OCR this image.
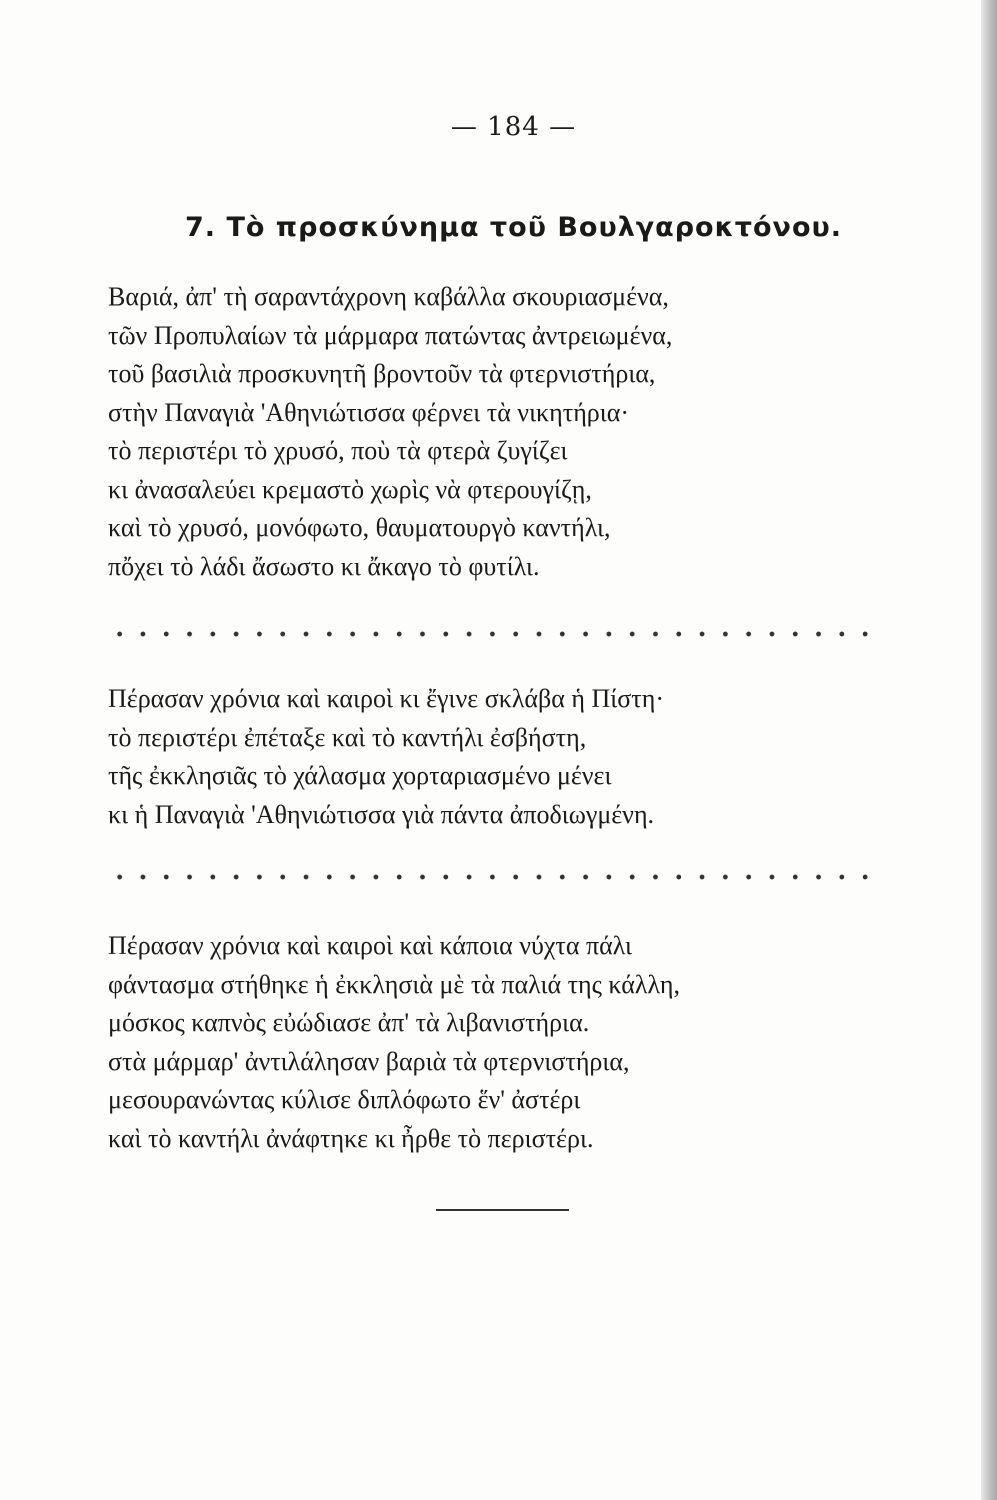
— 184 —
7. Τὸ προσκύνημα τοῦ Βουλγαροκτόνου.
Βαριά, ἀπ' τὴ σαραντάχρονη καβάλλα σκουριασμένα,
τῶν Προπυλαίων τὰ μάρμαρα πατώντας ἀντρειωμένα,
τοῦ βασιλιὰ προσκυνητῆ βροντοῦν τὰ φτερνιστήρια,
στὴν Παναγιὰ 'Αθηνιώτισσα φέρνει τὰ νικητήρια·
τὸ περιστέρι τὸ χρυσό, ποὺ τὰ φτερὰ ζυγίζει
κι ἀνασαλεύει κρεμαστὸ χωρὶς νὰ φτερουγίζῃ,
καὶ τὸ χρυσό, μονόφωτο, θαυματουργὸ καντήλι,
πὄχει τὸ λάδι ἄσωστο κι ἄκαγο τὸ φυτίλι.
Πέρασαν χρόνια καὶ καιροὶ κι ἔγινε σκλάβα ἡ Πίστη·
τὸ περιστέρι ἐπέταξε καὶ τὸ καντήλι ἐσβήστη,
τῆς ἐκκλησιᾶς τὸ χάλασμα χορταριασμένο μένει
κι ἡ Παναγιὰ 'Αθηνιώτισσα γιὰ πάντα ἀποδιωγμένη.
Πέρασαν χρόνια καὶ καιροὶ καὶ κάποια νύχτα πάλι
φάντασμα στήθηκε ἡ ἐκκλησιὰ μὲ τὰ παλιά της κάλλη,
μόσκος καπνὸς εὐώδιασε ἀπ' τὰ λιβανιστήρια.
στὰ μάρμαρ' ἀντιλάλησαν βαριὰ τὰ φτερνιστήρια,
μεσουρανώντας κύλισε διπλόφωτο ἕν' ἀστέρι
καὶ τὸ καντήλι ἀνάφτηκε κι ἦρθε τὸ περιστέρι.
